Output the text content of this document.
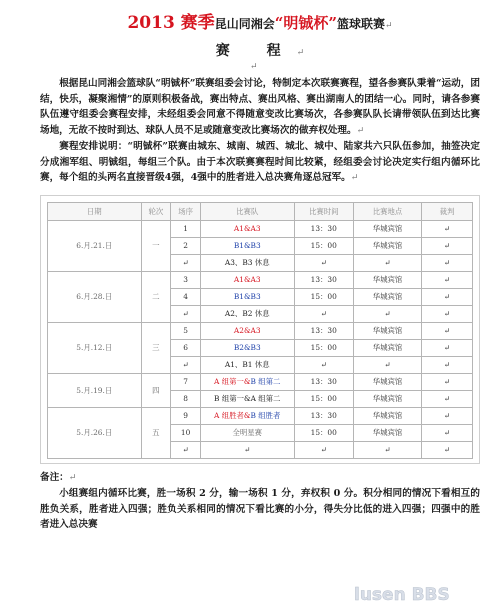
2013 赛季昆山同湘会“明铖杯”篮球联赛↵
赛 程↵
↵

根据昆山同湘会篮球队“明铖杯”联赛组委会讨论，特制定本次联赛赛程，望各参赛队秉着“运动，团结，快乐，凝聚湘情”的原则积极备战，赛出特点、赛出风格、赛出湖南人的团结一心。同时，请各参赛队伍遵守组委会赛程安排，未经组委会同意不得随意变改比赛场次，各参赛队队长请带领队伍到达比赛场地，无故不按时到达、球队人员不足或随意变改比赛场次的做弃权处理。↵

赛程安排说明：“明铖杯”联赛由城东、城南、城西、城北、城中、陆家共六只队伍参加，抽签决定分成湘军组、明铖组，每组三个队。由于本次联赛赛程时间比较紧，经组委会讨论决定实行组内循环比赛，每个组的头两名直接晋级4强，4强中的胜者进入总决赛角逐总冠军。↵

日期	轮次	场序	比赛队	比赛时间	比赛地点	裁判
6.月.21.日	一	1	A1&A3	13：30	华城宾馆	↵
		2	B1&B3	15：00	华城宾馆	↵
		↵	A3、B3 休息	↵	↵	↵
6.月.28.日	二	3	A1&A3	13：30	华城宾馆	↵
		4	B1&B3	15：00	华城宾馆	↵
		↵	A2、B2 休息	↵	↵	↵
5.月.12.日	三	5	A2&A3	13：30	华城宾馆	↵
		6	B2&B3	15：00	华城宾馆	↵
		↵	A1、B1 休息	↵	↵	↵
5.月.19.日	四	7	A 组第一&B 组第二	13：30	华城宾馆	↵
		8	B 组第一&A 组第二	15：00	华城宾馆	↵
5.月.26.日	五	9	A 组胜者&B 组胜者	13：30	华城宾馆	↵
		10	全明星赛	15：00	华城宾馆	↵
		↵	↵	↵	↵	↵

备注：↵

小组赛组内循环比赛，胜一场积 2 分，输一场积 1 分，弃权积 0 分。积分相同的情况下看相互的胜负关系，胜者进入四强；胜负关系相同的情况下看比赛的小分，得失分比低的进入四强；四强中的胜者进入总决赛

lusen BBS
